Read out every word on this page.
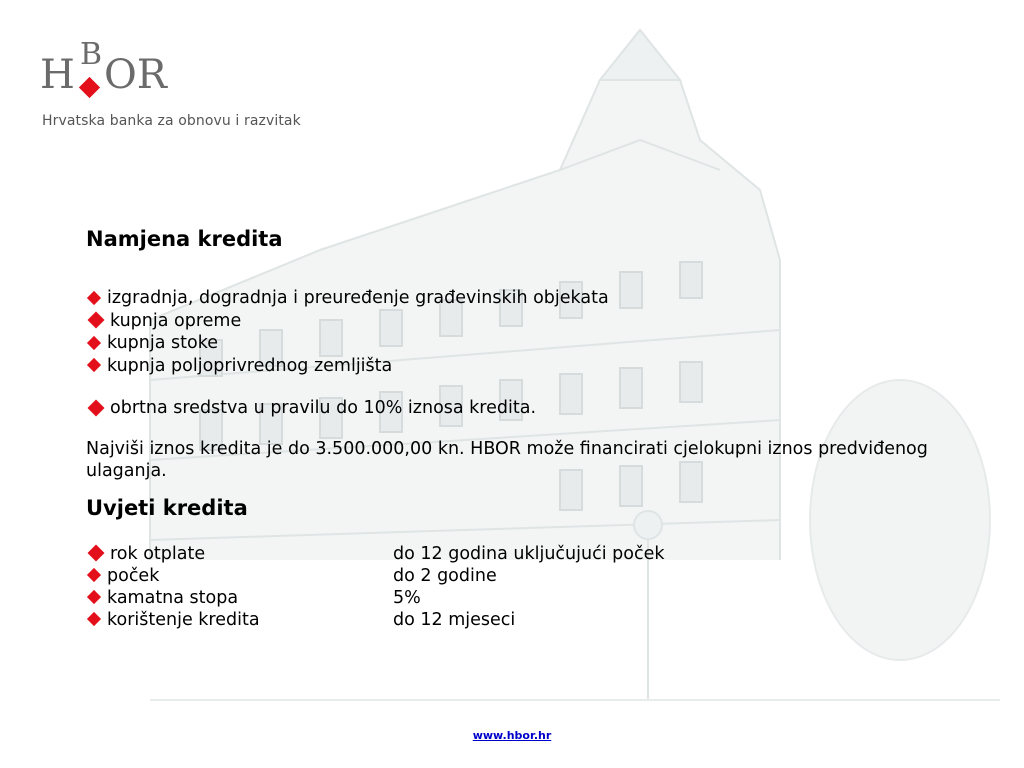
H B OR
Hrvatska banka za obnovu i razvitak
Namjena kredita
izgradnja, dogradnja i preuređenje građevinskih objekata
kupnja opreme
kupnja stoke
kupnja poljoprivrednog zemljišta
obrtna sredstva u pravilu do 10% iznosa kredita.

Najviši iznos kredita je do 3.500.000,00 kn. HBOR može financirati cjelokupni iznos predviđenog ulaganja.

Uvjeti kredita
rok otplate	do 12 godina uključujući poček
poček	do 2 godine
kamatna stopa	5%
korištenje kredita	do 12 mjeseci
www.hbor.hr
